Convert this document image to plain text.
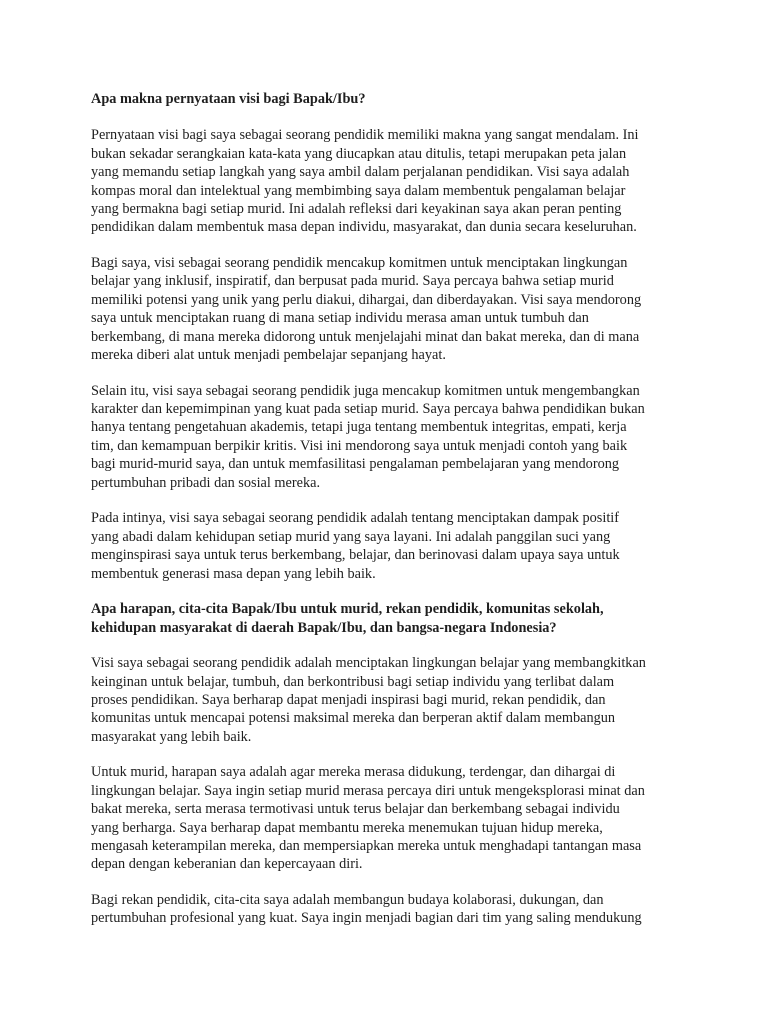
Apa makna pernyataan visi bagi Bapak/Ibu?
Pernyataan visi bagi saya sebagai seorang pendidik memiliki makna yang sangat mendalam. Ini
bukan sekadar serangkaian kata-kata yang diucapkan atau ditulis, tetapi merupakan peta jalan
yang memandu setiap langkah yang saya ambil dalam perjalanan pendidikan. Visi saya adalah
kompas moral dan intelektual yang membimbing saya dalam membentuk pengalaman belajar
yang bermakna bagi setiap murid. Ini adalah refleksi dari keyakinan saya akan peran penting
pendidikan dalam membentuk masa depan individu, masyarakat, dan dunia secara keseluruhan.
Bagi saya, visi sebagai seorang pendidik mencakup komitmen untuk menciptakan lingkungan
belajar yang inklusif, inspiratif, dan berpusat pada murid. Saya percaya bahwa setiap murid
memiliki potensi yang unik yang perlu diakui, dihargai, dan diberdayakan. Visi saya mendorong
saya untuk menciptakan ruang di mana setiap individu merasa aman untuk tumbuh dan
berkembang, di mana mereka didorong untuk menjelajahi minat dan bakat mereka, dan di mana
mereka diberi alat untuk menjadi pembelajar sepanjang hayat.
Selain itu, visi saya sebagai seorang pendidik juga mencakup komitmen untuk mengembangkan
karakter dan kepemimpinan yang kuat pada setiap murid. Saya percaya bahwa pendidikan bukan
hanya tentang pengetahuan akademis, tetapi juga tentang membentuk integritas, empati, kerja
tim, dan kemampuan berpikir kritis. Visi ini mendorong saya untuk menjadi contoh yang baik
bagi murid-murid saya, dan untuk memfasilitasi pengalaman pembelajaran yang mendorong
pertumbuhan pribadi dan sosial mereka.
Pada intinya, visi saya sebagai seorang pendidik adalah tentang menciptakan dampak positif
yang abadi dalam kehidupan setiap murid yang saya layani. Ini adalah panggilan suci yang
menginspirasi saya untuk terus berkembang, belajar, dan berinovasi dalam upaya saya untuk
membentuk generasi masa depan yang lebih baik.
Apa harapan, cita-cita Bapak/Ibu untuk murid, rekan pendidik, komunitas sekolah,
kehidupan masyarakat di daerah Bapak/Ibu, dan bangsa-negara Indonesia?
Visi saya sebagai seorang pendidik adalah menciptakan lingkungan belajar yang membangkitkan
keinginan untuk belajar, tumbuh, dan berkontribusi bagi setiap individu yang terlibat dalam
proses pendidikan. Saya berharap dapat menjadi inspirasi bagi murid, rekan pendidik, dan
komunitas untuk mencapai potensi maksimal mereka dan berperan aktif dalam membangun
masyarakat yang lebih baik.
Untuk murid, harapan saya adalah agar mereka merasa didukung, terdengar, dan dihargai di
lingkungan belajar. Saya ingin setiap murid merasa percaya diri untuk mengeksplorasi minat dan
bakat mereka, serta merasa termotivasi untuk terus belajar dan berkembang sebagai individu
yang berharga. Saya berharap dapat membantu mereka menemukan tujuan hidup mereka,
mengasah keterampilan mereka, dan mempersiapkan mereka untuk menghadapi tantangan masa
depan dengan keberanian dan kepercayaan diri.
Bagi rekan pendidik, cita-cita saya adalah membangun budaya kolaborasi, dukungan, dan
pertumbuhan profesional yang kuat. Saya ingin menjadi bagian dari tim yang saling mendukung
